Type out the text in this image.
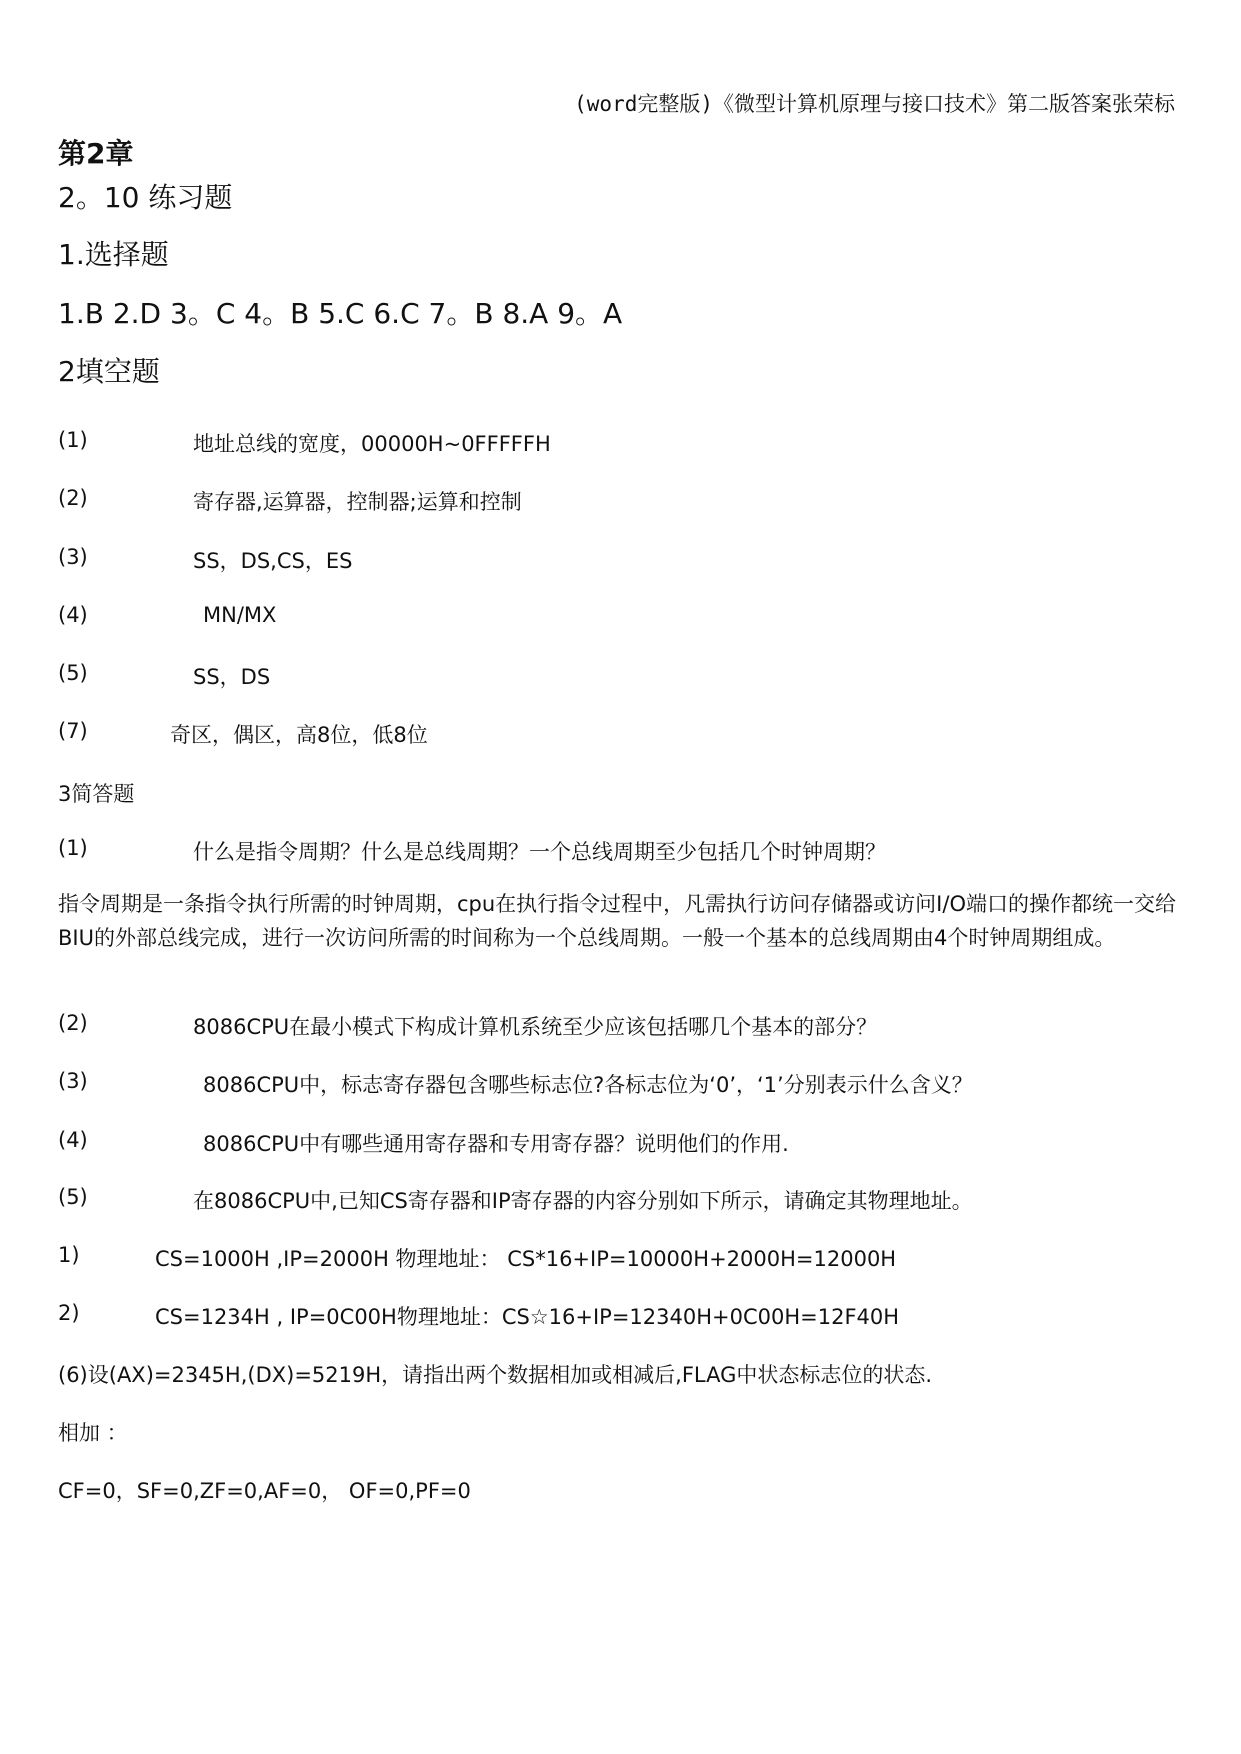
(word完整版)《微型计算机原理与接口技术》第二版答案张荣标
第2章
2。10 练习题
1.选择题
1.B 2.D 3。C 4。B 5.C 6.C 7。B 8.A 9。A
2填空题
(1)	地址总线的宽度，00000H~0FFFFFH
(2)	寄存器,运算器，控制器;运算和控制
(3)	SS，DS,CS，ES
(4)	MN/MX
(5)	SS，DS
(7)	奇区，偶区，高8位，低8位
3简答题
(1)	什么是指令周期？什么是总线周期？一个总线周期至少包括几个时钟周期？
指令周期是一条指令执行所需的时钟周期，cpu在执行指令过程中，凡需执行访问存储器或访问I/O端口的操作都统一交给BIU的外部总线完成，进行一次访问所需的时间称为一个总线周期。一般一个基本的总线周期由4个时钟周期组成。
(2)	8086CPU在最小模式下构成计算机系统至少应该包括哪几个基本的部分？
(3)	8086CPU中，标志寄存器包含哪些标志位?各标志位为‘0’，‘1’分别表示什么含义？
(4)	8086CPU中有哪些通用寄存器和专用寄存器？说明他们的作用.
(5)	在8086CPU中,已知CS寄存器和IP寄存器的内容分别如下所示，请确定其物理地址。
1)	CS=1000H ,IP=2000H 物理地址： CS*16+IP=10000H+2000H=12000H
2)	CS=1234H , IP=0C00H物理地址：CS☆16+IP=12340H+0C00H=12F40H
(6)设(AX)=2345H,(DX)=5219H，请指出两个数据相加或相减后,FLAG中状态标志位的状态.
相加 ：
CF=0，SF=0,ZF=0,AF=0， OF=0,PF=0
